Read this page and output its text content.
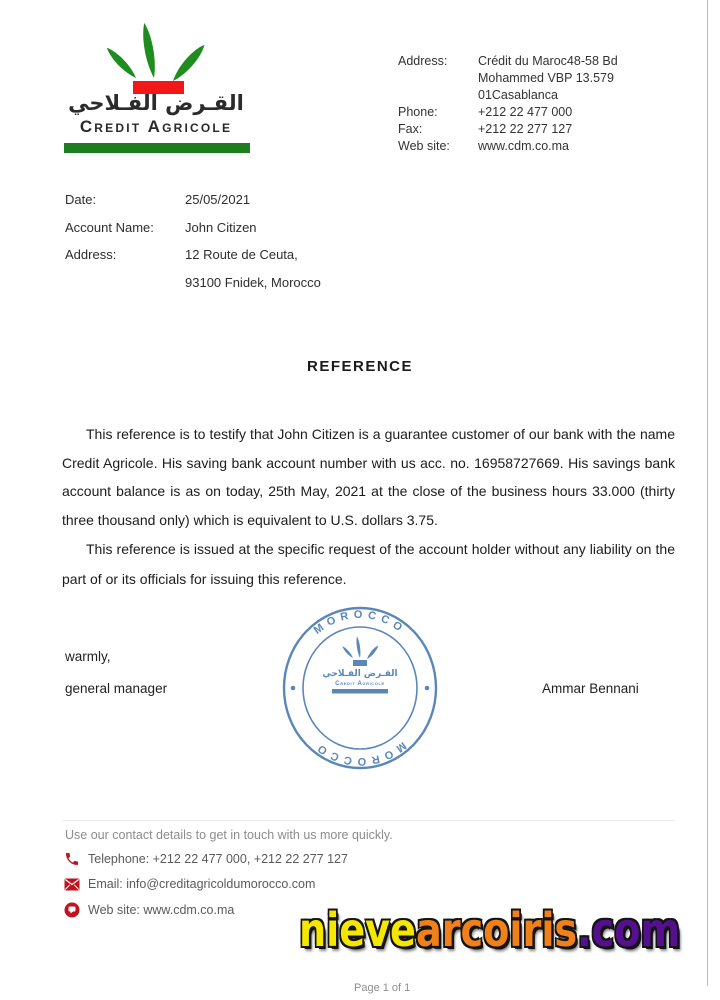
القـرض الفـلاحي
Credit Agricole
Address:	Crédit du Maroc48-58 Bd
Mohammed VBP 13.579
01Casablanca
Phone:	+212 22 477 000
Fax:	+212 22 277 127
Web site:	www.cdm.co.ma
Date:	25/05/2021
Account Name:	John Citizen
Address:	12 Route de Ceuta,
93100 Fnidek, Morocco
REFERENCE

This reference is to testify that John Citizen is a guarantee customer of our bank with the name Credit Agricole. His saving bank account number with us acc. no. 16958727669. His savings bank account balance is as on today, 25th May, 2021 at the close of the business hours 33.000 (thirty three thousand only) which is equivalent to U.S. dollars 3.75.

This reference is issued at the specific request of the account holder without any liability on the part of or its officials for issuing this reference.

warmly,
general manager	Ammar Bennani
MOROCCO
MOROCCO
القـرض الفـلاحي
Credit Agricole
Use our contact details to get in touch with us more quickly.
Telephone: +212 22 477 000, +212 22 277 127
Email: info@creditagricoldumorocco.com
Web site: www.cdm.co.ma nievearcoiris.com
Page 1 of 1
